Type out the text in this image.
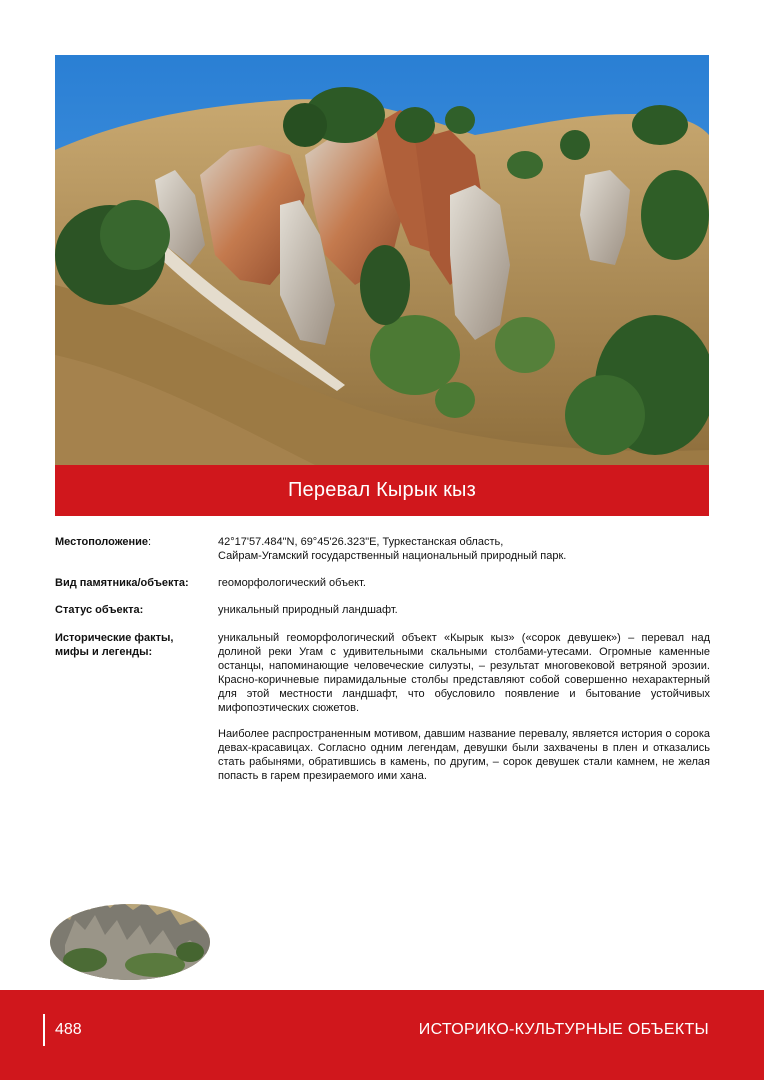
Перевал Кырык кыз
Местоположение:	42°17'57.484"N, 69°45'26.323"E, Туркестанская область,
Сайрам-Угамский государственный национальный природный парк.
Вид памятника/объекта:	геоморфологический объект.
Статус объекта:	уникальный природный ландшафт.
Исторические факты,
мифы и легенды:

уникальный геоморфологический объект «Кырык кыз» («сорок девушек») – перевал над долиной реки Угам с удивительными скальными столбами-утесами. Огромные каменные останцы, напоминающие человеческие силуэты, – результат многовековой ветряной эрозии. Красно-коричневые пирамидальные столбы представляют собой совершенно нехарактерный для этой местности ландшафт, что обусловило появление и бытование устойчивых мифопоэтических сюжетов.

Наиболее распространенным мотивом, давшим название перевалу, является история о сорока девах-красавицах. Согласно одним легендам, девушки были захвачены в плен и отказались стать рабынями, обратившись в камень, по другим, – сорок девушек стали камнем, не желая попасть в гарем презираемого ими хана.

488	ИСТОРИКО-КУЛЬТУРНЫЕ ОБЪЕКТЫ
